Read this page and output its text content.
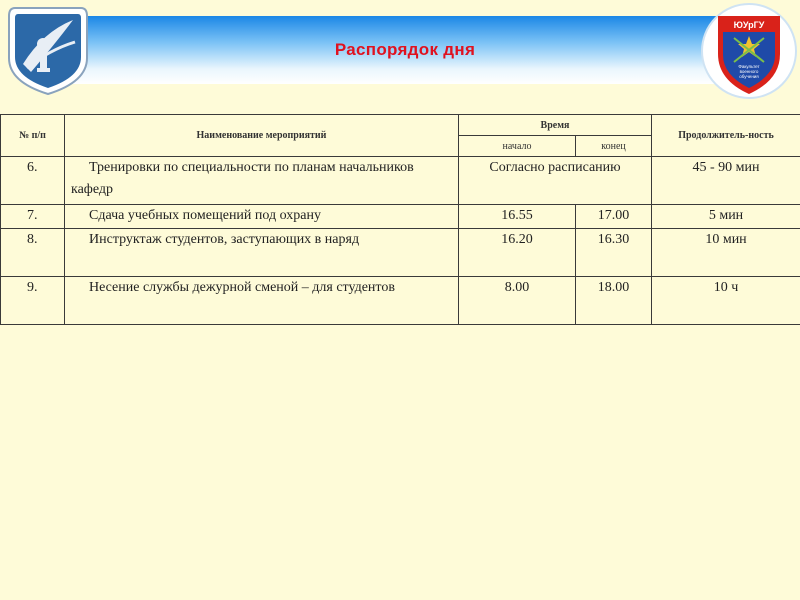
Распорядок дня
ЮУрГУ
Факультет
военного
обучения
№ п/п	Наименование мероприятий	Время		Продолжитель-ность
		начало	конец	
6.	Тренировки по специальности по планам начальников кафедр	Согласно расписанию		45 - 90 мин
7.	Сдача учебных помещений под охрану	16.55	17.00	5 мин
8.	Инструктаж студентов, заступающих в наряд	16.20	16.30	10 мин
9.	Несение службы дежурной сменой – для студентов	8.00	18.00	10 ч
